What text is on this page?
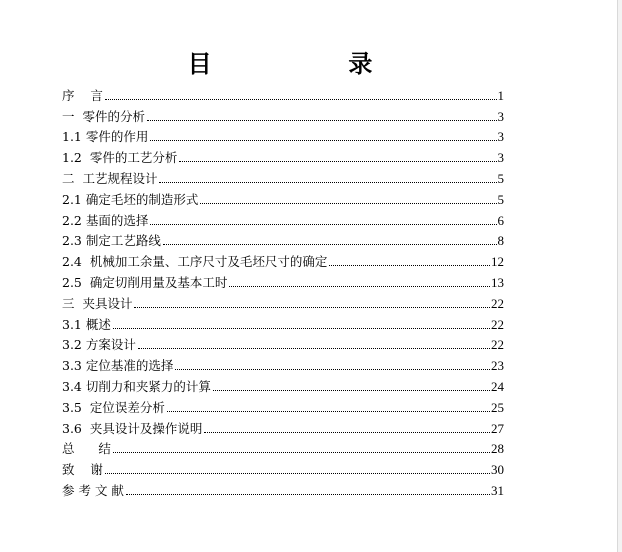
目  录
序    言	1
一  零件的分析	3
1.1 零件的作用	3
1.2  零件的工艺分析	3
二  工艺规程设计	5
2.1 确定毛坯的制造形式	5
2.2 基面的选择	6
2.3 制定工艺路线	8
2.4  机械加工余量、工序尺寸及毛坯尺寸的确定	12
2.5  确定切削用量及基本工时	13
三  夹具设计	22
3.1 概述	22
3.2 方案设计	22
3.3 定位基准的选择	23
3.4 切削力和夹紧力的计算	24
3.5  定位误差分析	25
3.6  夹具设计及操作说明	27
总      结	28
致    谢	30
参 考 文 献	31
